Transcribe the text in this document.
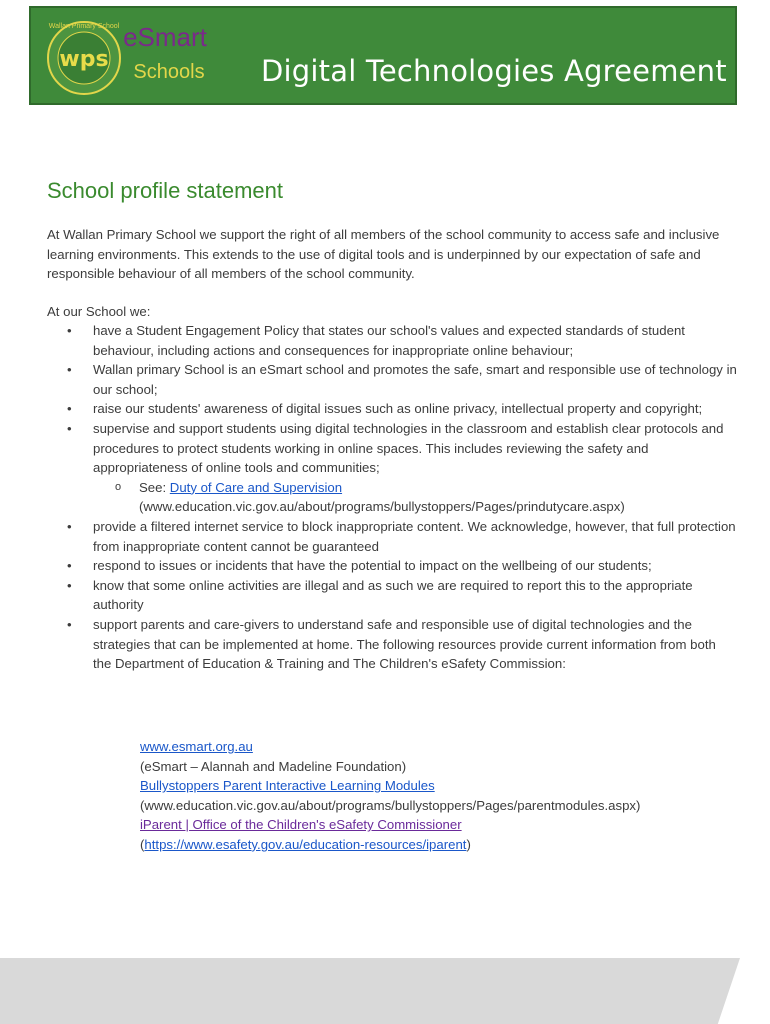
Wallan Primary School
wps
eSmart
Schools Digital Technologies Agreement
School profile statement

At Wallan Primary School we support the right of all members of the school community to access safe and inclusive learning environments. This extends to the use of digital tools and is underpinned by our expectation of safe and responsible behaviour of all members of the school community.

At our School we:

• have a Student Engagement Policy that states our school's values and expected standards of student behaviour, including actions and consequences for inappropriate online behaviour;
• Wallan primary School is an eSmart school and promotes the safe, smart and responsible use of technology in our school;
• raise our students' awareness of digital issues such as online privacy, intellectual property and copyright;
• supervise and support students using digital technologies in the classroom and establish clear protocols and procedures to protect students working in online spaces. This includes reviewing the safety and appropriateness of online tools and communities;
o See: Duty of Care and Supervision
(www.education.vic.gov.au/about/programs/bullystoppers/Pages/prindutycare.aspx)
• provide a filtered internet service to block inappropriate content. We acknowledge, however, that full protection from inappropriate content cannot be guaranteed
• respond to issues or incidents that have the potential to impact on the wellbeing of our students;
• know that some online activities are illegal and as such we are required to report this to the appropriate authority
• support parents and care-givers to understand safe and responsible use of digital technologies and the strategies that can be implemented at home. The following resources provide current information from both the Department of Education & Training and The Children's eSafety Commission:
www.esmart.org.au
(eSmart – Alannah and Madeline Foundation)
Bullystoppers Parent Interactive Learning Modules
(www.education.vic.gov.au/about/programs/bullystoppers/Pages/parentmodules.aspx)
iParent | Office of the Children's eSafety Commissioner
(https://www.esafety.gov.au/education-resources/iparent)
